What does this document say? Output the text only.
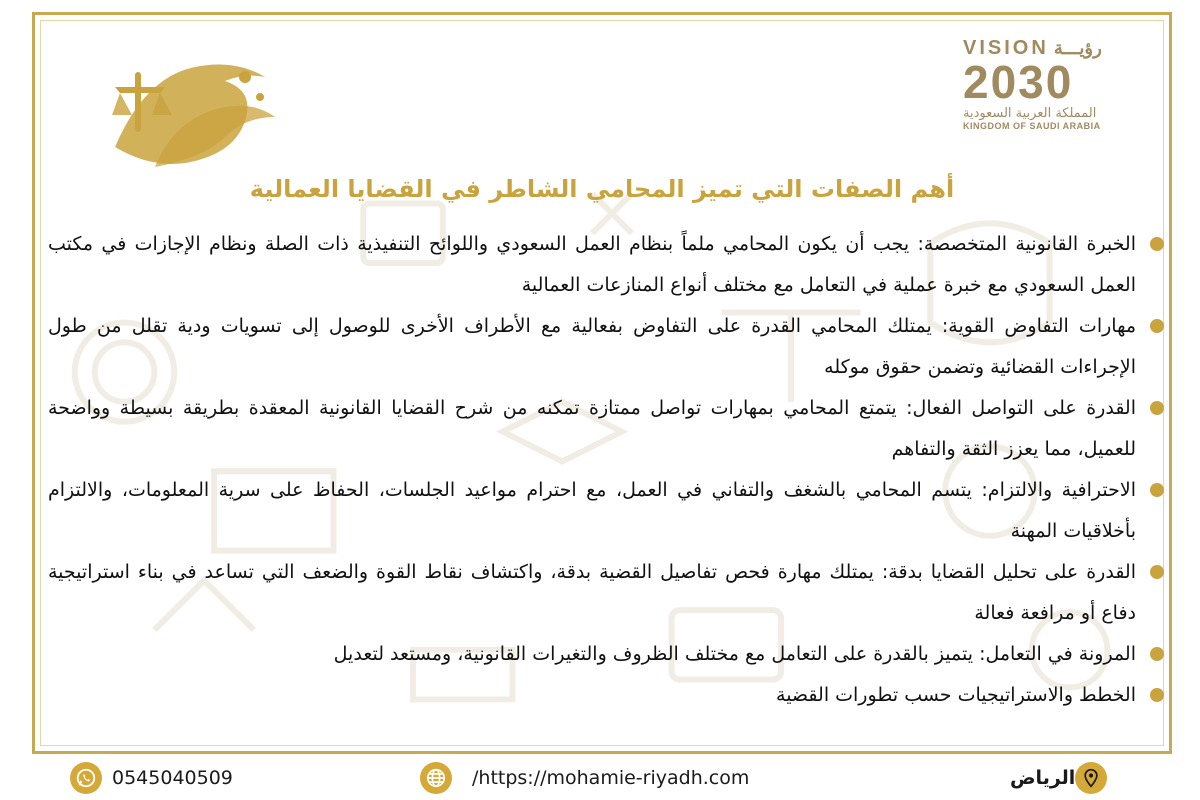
VISION رؤيـــة
2030
المملكة العربية السعودية
KINGDOM OF SAUDI ARABIA
أهم الصفات التي تميز المحامي الشاطر في القضايا العمالية
الخبرة القانونية المتخصصة: يجب أن يكون المحامي ملماً بنظام العمل السعودي واللوائح التنفيذية ذات الصلة ونظام الإجازات في مكتب العمل السعودي مع خبرة عملية في التعامل مع مختلف أنواع المنازعات العمالية
مهارات التفاوض القوية: يمتلك المحامي القدرة على التفاوض بفعالية مع الأطراف الأخرى للوصول إلى تسويات ودية تقلل من طول الإجراءات القضائية وتضمن حقوق موكله
القدرة على التواصل الفعال: يتمتع المحامي بمهارات تواصل ممتازة تمكنه من شرح القضايا القانونية المعقدة بطريقة بسيطة وواضحة للعميل، مما يعزز الثقة والتفاهم
الاحترافية والالتزام: يتسم المحامي بالشغف والتفاني في العمل، مع احترام مواعيد الجلسات، الحفاظ على سرية المعلومات، والالتزام بأخلاقيات المهنة
القدرة على تحليل القضايا بدقة: يمتلك مهارة فحص تفاصيل القضية بدقة، واكتشاف نقاط القوة والضعف التي تساعد في بناء استراتيجية دفاع أو مرافعة فعالة
المرونة في التعامل: يتميز بالقدرة على التعامل مع مختلف الظروف والتغيرات القانونية، ومستعد لتعديل
الخطط والاستراتيجيات حسب تطورات القضية
0545040509	/https://mohamie-riyadh.com	الرياض
